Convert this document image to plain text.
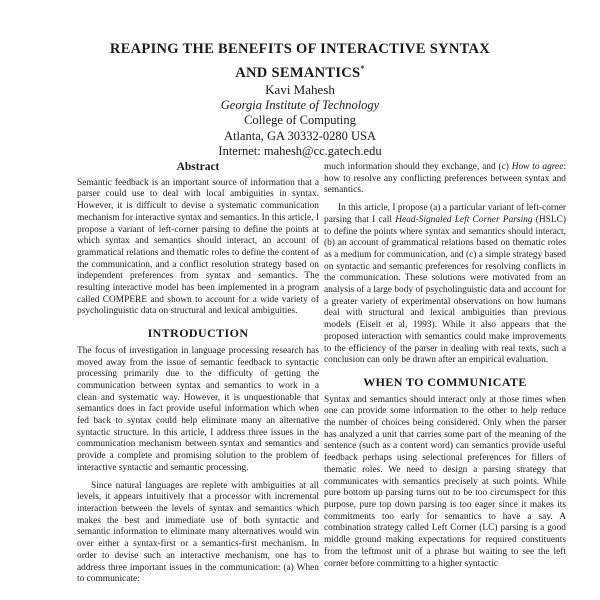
REAPING THE BENEFITS OF INTERACTIVE SYNTAX
AND SEMANTICS*
Kavi Mahesh
Georgia Institute of Technology
College of Computing
Atlanta, GA 30332-0280 USA
Internet: mahesh@cc.gatech.edu
Abstract

Semantic feedback is an important source of information that a parser could use to deal with local ambiguities in syntax. However, it is difficult to devise a systematic communication mechanism for interactive syntax and semantics. In this article, I propose a variant of left-corner parsing to define the points at which syntax and semantics should interact, an account of grammatical relations and thematic roles to define the content of the communication, and a conflict resolution strategy based on independent preferences from syntax and semantics. The resulting interactive model has been implemented in a program called COMPERE and shown to account for a wide variety of psycholinguistic data on structural and lexical ambiguities.

INTRODUCTION

The focus of investigation in language processing research has moved away from the issue of semantic feedback to syntactic processing primarily due to the difficulty of getting the communication between syntax and semantics to work in a clean and systematic way. However, it is unquestionable that semantics does in fact provide useful information which when fed back to syntax could help eliminate many an alternative syntactic structure. In this article, I address three issues in the communication mechanism between syntax and semantics and provide a complete and promising solution to the problem of interactive syntactic and semantic processing.

Since natural languages are replete with ambiguities at all levels, it appears intuitively that a processor with incremental interaction between the levels of syntax and semantics which makes the best and immediate use of both syntactic and semantic information to eliminate many alternatives would win over either a syntax-first or a semantics-first mechanism. In order to devise such an interactive mechanism, one has to address three important issues in the communication: (a) When to communicate:

much information should they exchange, and (c) How to agree: how to resolve any conflicting preferences between syntax and semantics.

In this article, I propose (a) a particular variant of left-corner parsing that I call Head-Signaled Left Corner Parsing (HSLC) to define the points where syntax and semantics should interact, (b) an account of grammatical relations based on thematic roles as a medium for communication, and (c) a simple strategy based on syntactic and semantic preferences for resolving conflicts in the communication. These solutions were motivated from an analysis of a large body of psycholinguistic data and account for a greater variety of experimental observations on how humans deal with structural and lexical ambiguities than previous models (Eiselt et al, 1993). While it also appears that the proposed interaction with semantics could make improvements to the efficiency of the parser in dealing with real texts, such a conclusion can only be drawn after an empirical evaluation.

WHEN TO COMMUNICATE

Syntax and semantics should interact only at those times when one can provide some information to the other to help reduce the number of choices being considered. Only when the parser has analyzed a unit that carries some part of the meaning of the sentence (such as a content word) can semantics provide useful feedback perhaps using selectional preferences for fillers of thematic roles. We need to design a parsing strategy that communicates with semantics precisely at such points. While pure bottom up parsing turns out to be too circumspect for this purpose, pure top down parsing is too eager since it makes its commitments too early for semantics to have a say. A combination strategy called Left Corner (LC) parsing is a good middle ground making expectations for required constituents from the leftmost unit of a phrase but waiting to see the left corner before committing to a higher syntactic
